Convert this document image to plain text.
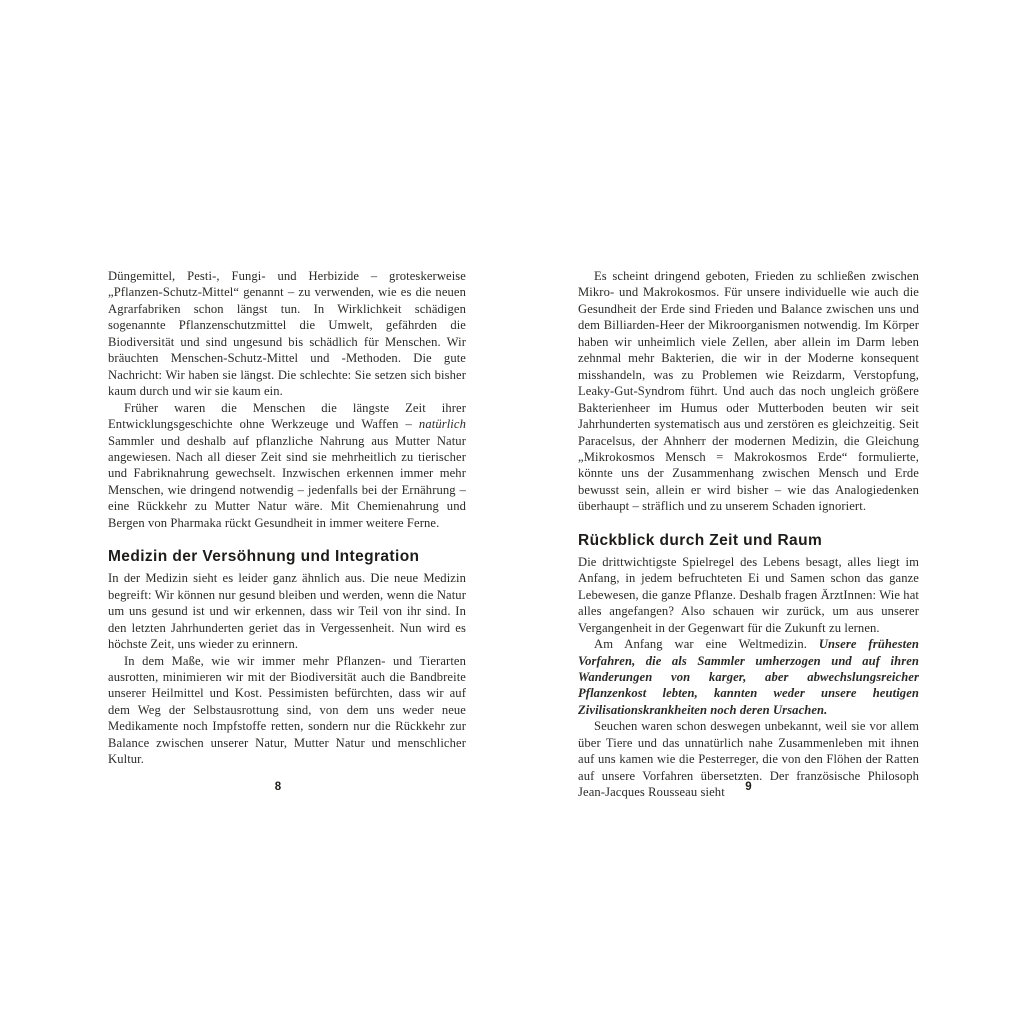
Düngemittel, Pesti-, Fungi- und Herbizide – groteskerweise „Pflanzen-Schutz-Mittel“ genannt – zu verwenden, wie es die neuen Agrarfabriken schon längst tun. In Wirklichkeit schädigen sogenannte Pflanzenschutzmittel die Umwelt, gefährden die Biodiversität und sind ungesund bis schädlich für Menschen. Wir bräuchten Menschen-Schutz-Mittel und -Methoden. Die gute Nachricht: Wir haben sie längst. Die schlechte: Sie setzen sich bisher kaum durch und wir sie kaum ein.

Früher waren die Menschen die längste Zeit ihrer Entwicklungsgeschichte ohne Werkzeuge und Waffen – natürlich Sammler und deshalb auf pflanzliche Nahrung aus Mutter Natur angewiesen. Nach all dieser Zeit sind sie mehrheitlich zu tierischer und Fabriknahrung gewechselt. Inzwischen erkennen immer mehr Menschen, wie dringend notwendig – jedenfalls bei der Ernährung – eine Rückkehr zu Mutter Natur wäre. Mit Chemienahrung und Bergen von Pharmaka rückt Gesundheit in immer weitere Ferne.

Medizin der Versöhnung und Integration

In der Medizin sieht es leider ganz ähnlich aus. Die neue Medizin begreift: Wir können nur gesund bleiben und werden, wenn die Natur um uns gesund ist und wir erkennen, dass wir Teil von ihr sind. In den letzten Jahrhunderten geriet das in Vergessenheit. Nun wird es höchste Zeit, uns wieder zu erinnern.

In dem Maße, wie wir immer mehr Pflanzen- und Tierarten ausrotten, minimieren wir mit der Biodiversität auch die Bandbreite unserer Heilmittel und Kost. Pessimisten befürchten, dass wir auf dem Weg der Selbstausrottung sind, von dem uns weder neue Medikamente noch Impfstoffe retten, sondern nur die Rückkehr zur Balance zwischen unserer Natur, Mutter Natur und menschlicher Kultur.

8

Es scheint dringend geboten, Frieden zu schließen zwischen Mikro- und Makrokosmos. Für unsere individuelle wie auch die Gesundheit der Erde sind Frieden und Balance zwischen uns und dem Billiarden-Heer der Mikroorganismen notwendig. Im Körper haben wir unheimlich viele Zellen, aber allein im Darm leben zehnmal mehr Bakterien, die wir in der Moderne konsequent misshandeln, was zu Problemen wie Reizdarm, Verstopfung, Leaky-Gut-Syndrom führt. Und auch das noch ungleich größere Bakterienheer im Humus oder Mutterboden beuten wir seit Jahrhunderten systematisch aus und zerstören es gleichzeitig. Seit Paracelsus, der Ahnherr der modernen Medizin, die Gleichung „Mikrokosmos Mensch = Makrokosmos Erde“ formulierte, könnte uns der Zusammenhang zwischen Mensch und Erde bewusst sein, allein er wird bisher – wie das Analogiedenken überhaupt – sträflich und zu unserem Schaden ignoriert.

Rückblick durch Zeit und Raum

Die drittwichtigste Spielregel des Lebens besagt, alles liegt im Anfang, in jedem befruchteten Ei und Samen schon das ganze Lebewesen, die ganze Pflanze. Deshalb fragen ÄrztInnen: Wie hat alles angefangen? Also schauen wir zurück, um aus unserer Vergangenheit in der Gegenwart für die Zukunft zu lernen.

Am Anfang war eine Weltmedizin. Unsere frühesten Vorfahren, die als Sammler umherzogen und auf ihren Wanderungen von karger, aber abwechslungsreicher Pflanzenkost lebten, kannten weder unsere heutigen Zivilisationskrankheiten noch deren Ursachen.

Seuchen waren schon deswegen unbekannt, weil sie vor allem über Tiere und das unnatürlich nahe Zusammenleben mit ihnen auf uns kamen wie die Pesterreger, die von den Flöhen der Ratten auf unsere Vorfahren übersetzten. Der französische Philosoph Jean-Jacques Rousseau sieht	9
